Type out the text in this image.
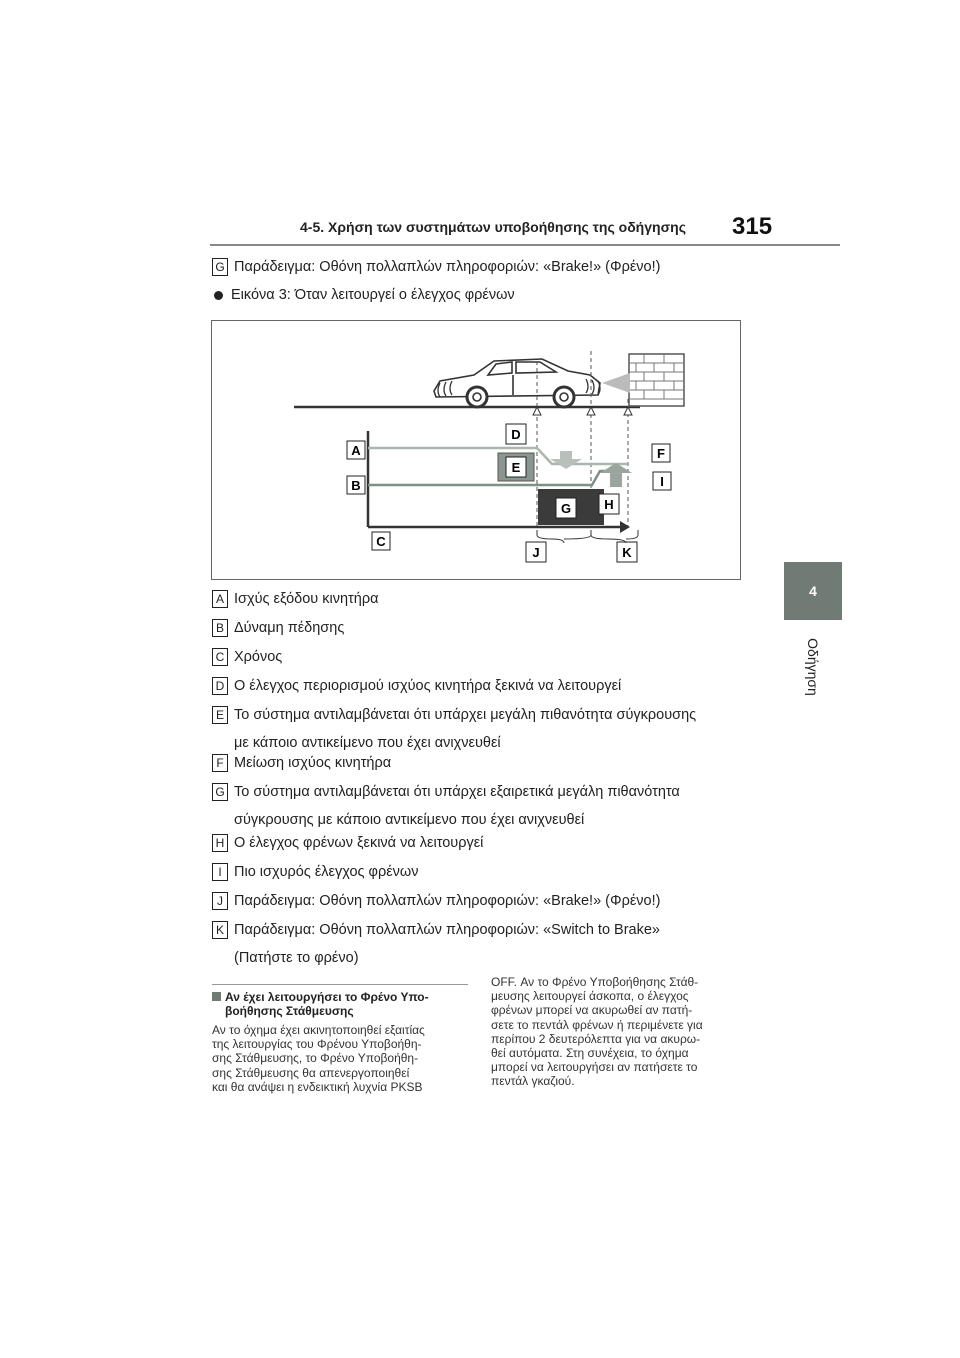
4-5. Χρήση των συστημάτων υποβοήθησης της οδήγησης 315
4
Οδήγηση
G Παράδειγμα: Οθόνη πολλαπλών πληροφοριών: «Brake!» (Φρένο!)
Εικόνα 3: Όταν λειτουργεί ο έλεγχος φρένων
A
B
C
D
E
F
G	H
I
J	K
A Ισχύς εξόδου κινητήρα
B Δύναμη πέδησης
C Χρόνος
D Ο έλεγχος περιορισμού ισχύος κινητήρα ξεκινά να λειτουργεί
E Το σύστημα αντιλαμβάνεται ότι υπάρχει μεγάλη πιθανότητα σύγκρουσης
με κάποιο αντικείμενο που έχει ανιχνευθεί
F Μείωση ισχύος κινητήρα
G Το σύστημα αντιλαμβάνεται ότι υπάρχει εξαιρετικά μεγάλη πιθανότητα
σύγκρουσης με κάποιο αντικείμενο που έχει ανιχνευθεί
H Ο έλεγχος φρένων ξεκινά να λειτουργεί
I Πιο ισχυρός έλεγχος φρένων
J Παράδειγμα: Οθόνη πολλαπλών πληροφοριών: «Brake!» (Φρένο!)
K Παράδειγμα: Οθόνη πολλαπλών πληροφοριών: «Switch to Brake»
(Πατήστε το φρένο)
Αν έχει λειτουργήσει το Φρένο Υπο-
βοήθησης Στάθμευσης
Αν το όχημα έχει ακινητοποιηθεί εξαιτίας
της λειτουργίας του Φρένου Υποβοήθη-
σης Στάθμευσης, το Φρένο Υποβοήθη-
σης Στάθμευσης θα απενεργοποιηθεί
και θα ανάψει η ενδεικτική λυχνία PKSB
OFF. Αν το Φρένο Υποβοήθησης Στάθ-
μευσης λειτουργεί άσκοπα, ο έλεγχος
φρένων μπορεί να ακυρωθεί αν πατή-
σετε το πεντάλ φρένων ή περιμένετε για
περίπου 2 δευτερόλεπτα για να ακυρω-
θεί αυτόματα. Στη συνέχεια, το όχημα
μπορεί να λειτουργήσει αν πατήσετε το
πεντάλ γκαζιού.
